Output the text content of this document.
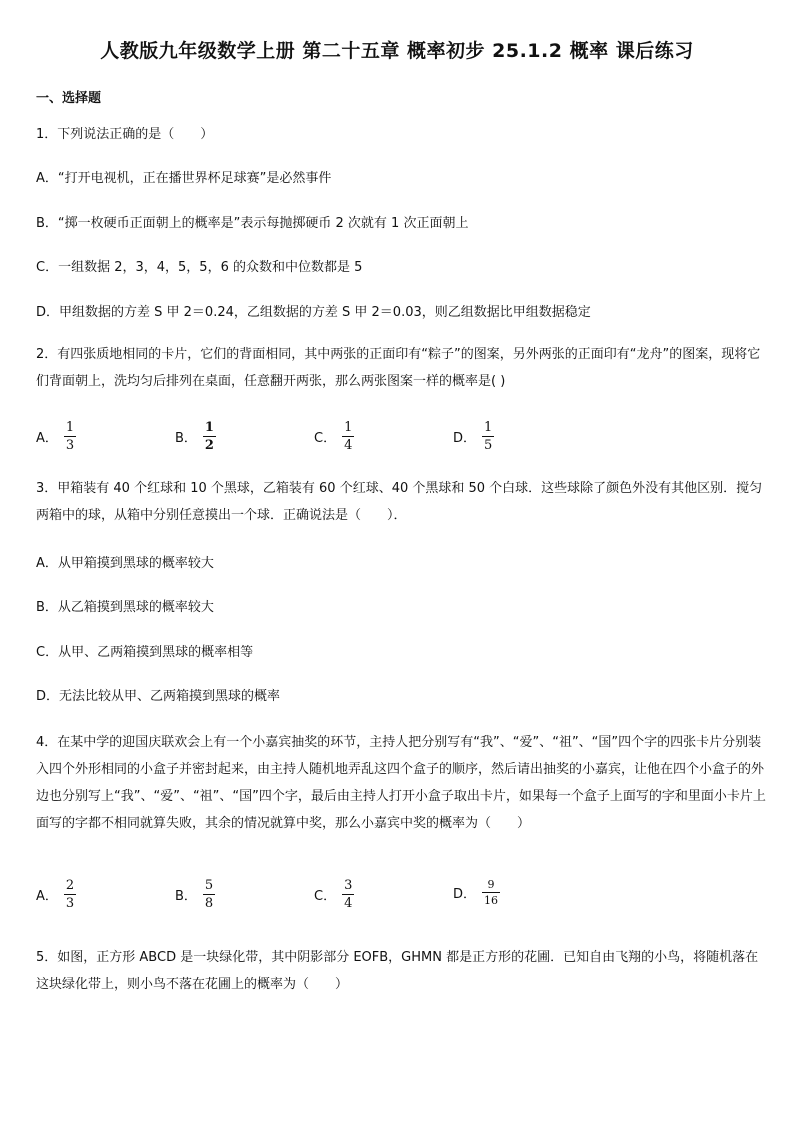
人教版九年级数学上册 第二十五章 概率初步 25.1.2 概率 课后练习
一、选择题
1．下列说法正确的是（　　）
A．“打开电视机，正在播世界杯足球赛”是必然事件
B．“掷一枚硬币正面朝上的概率是”表示每抛掷硬币 2 次就有 1 次正面朝上
C．一组数据 2，3，4，5，5，6 的众数和中位数都是 5
D．甲组数据的方差 S 甲 2＝0.24，乙组数据的方差 S 甲 2＝0.03，则乙组数据比甲组数据稳定
2．有四张质地相同的卡片，它们的背面相同，其中两张的正面印有“粽子”的图案，另外两张的正面印有“龙舟”的图案，现将它们背面朝上，洗均匀后排列在桌面，任意翻开两张，那么两张图案一样的概率是( )
A． $\frac{1}{3}$	B． $\frac{1}{2}$	C． $\frac{1}{4}$	D． $\frac{1}{5}$
3．甲箱装有 40 个红球和 10 个黑球，乙箱装有 60 个红球、40 个黑球和 50 个白球．这些球除了颜色外没有其他区别．搅匀两箱中的球，从箱中分别任意摸出一个球．正确说法是（　　）．
A．从甲箱摸到黑球的概率较大
B．从乙箱摸到黑球的概率较大
C．从甲、乙两箱摸到黑球的概率相等
D．无法比较从甲、乙两箱摸到黑球的概率
4．在某中学的迎国庆联欢会上有一个小嘉宾抽奖的环节，主持人把分别写有“我”、“爱”、“祖”、“国”四个字的四张卡片分别装入四个外形相同的小盒子并密封起来，由主持人随机地弄乱这四个盒子的顺序，然后请出抽奖的小嘉宾，让他在四个小盒子的外边也分别写上“我”、“爱”、“祖”、“国”四个字，最后由主持人打开小盒子取出卡片，如果每一个盒子上面写的字和里面小卡片上面写的字都不相同就算失败，其余的情况就算中奖，那么小嘉宾中奖的概率为（　　）
A． $\frac{2}{3}$	B． $\frac{5}{8}$	C． $\frac{3}{4}$	D． $\frac{9}{16}$
5．如图，正方形 ABCD 是一块绿化带，其中阴影部分 EOFB，GHMN 都是正方形的花圃．已知自由飞翔的小鸟，将随机落在这块绿化带上，则小鸟不落在花圃上的概率为（　　）
